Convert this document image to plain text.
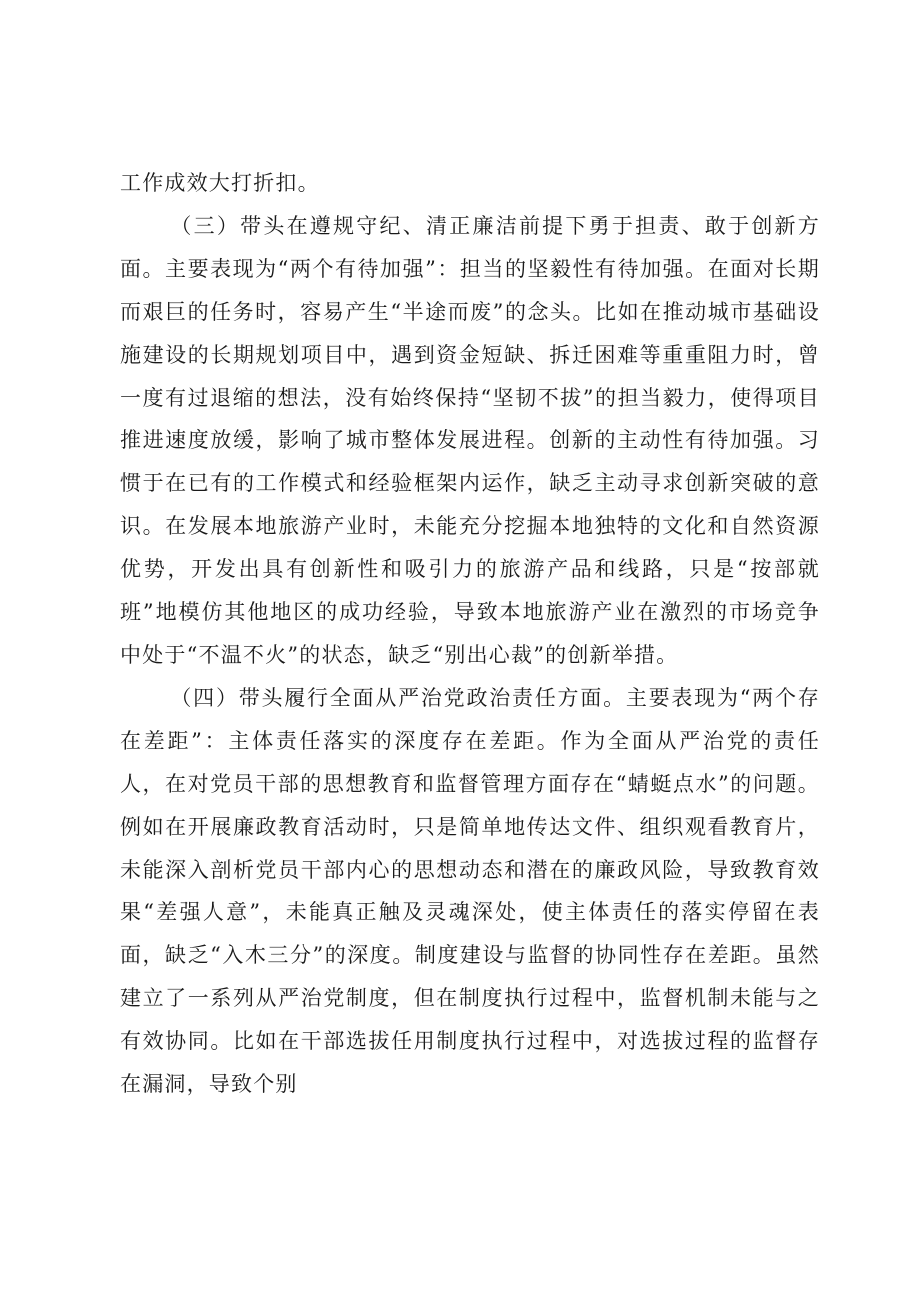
工作成效大打折扣。

（三）带头在遵规守纪、清正廉洁前提下勇于担责、敢于创新方面。主要表现为“两个有待加强”：担当的坚毅性有待加强。在面对长期而艰巨的任务时，容易产生“半途而废”的念头。比如在推动城市基础设施建设的长期规划项目中，遇到资金短缺、拆迁困难等重重阻力时，曾一度有过退缩的想法，没有始终保持“坚韧不拔”的担当毅力，使得项目推进速度放缓，影响了城市整体发展进程。创新的主动性有待加强。习惯于在已有的工作模式和经验框架内运作，缺乏主动寻求创新突破的意识。在发展本地旅游产业时，未能充分挖掘本地独特的文化和自然资源优势，开发出具有创新性和吸引力的旅游产品和线路，只是“按部就班”地模仿其他地区的成功经验，导致本地旅游产业在激烈的市场竞争中处于“不温不火”的状态，缺乏“别出心裁”的创新举措。

（四）带头履行全面从严治党政治责任方面。主要表现为“两个存在差距”：主体责任落实的深度存在差距。作为全面从严治党的责任人，在对党员干部的思想教育和监督管理方面存在“蜻蜓点水”的问题。例如在开展廉政教育活动时，只是简单地传达文件、组织观看教育片，未能深入剖析党员干部内心的思想动态和潜在的廉政风险，导致教育效果“差强人意”，未能真正触及灵魂深处，使主体责任的落实停留在表面，缺乏“入木三分”的深度。制度建设与监督的协同性存在差距。虽然建立了一系列从严治党制度，但在制度执行过程中，监督机制未能与之有效协同。比如在干部选拔任用制度执行过程中，对选拔过程的监督存在漏洞，导致个别
